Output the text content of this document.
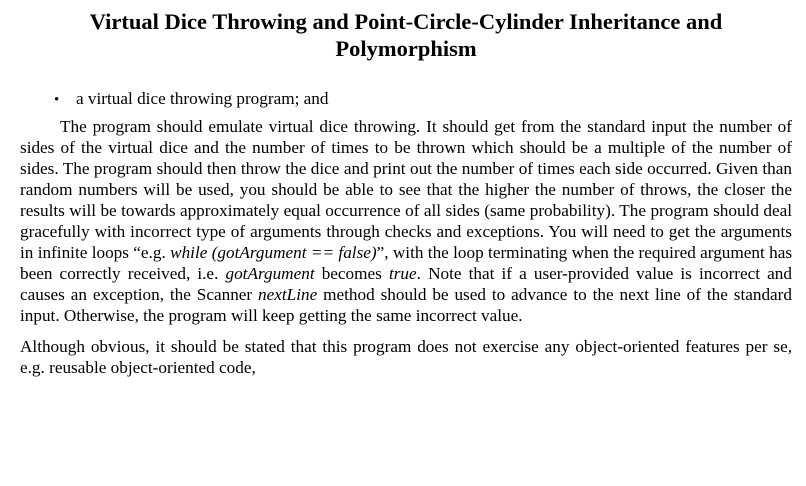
Virtual Dice Throwing and Point-Circle-Cylinder Inheritance and Polymorphism
• a virtual dice throwing program; and

The program should emulate virtual dice throwing. It should get from the standard input the number of sides of the virtual dice and the number of times to be thrown which should be a multiple of the number of sides. The program should then throw the dice and print out the number of times each side occurred. Given than random numbers will be used, you should be able to see that the higher the number of throws, the closer the results will be towards approximately equal occurrence of all sides (same probability). The program should deal gracefully with incorrect type of arguments through checks and exceptions. You will need to get the arguments in infinite loops “e.g. while (gotArgument == false)”, with the loop terminating when the required argument has been correctly received, i.e. gotArgument becomes true. Note that if a user-provided value is incorrect and causes an exception, the Scanner nextLine method should be used to advance to the next line of the standard input. Otherwise, the program will keep getting the same incorrect value.

Although obvious, it should be stated that this program does not exercise any object-oriented features per se, e.g. reusable object-oriented code,
